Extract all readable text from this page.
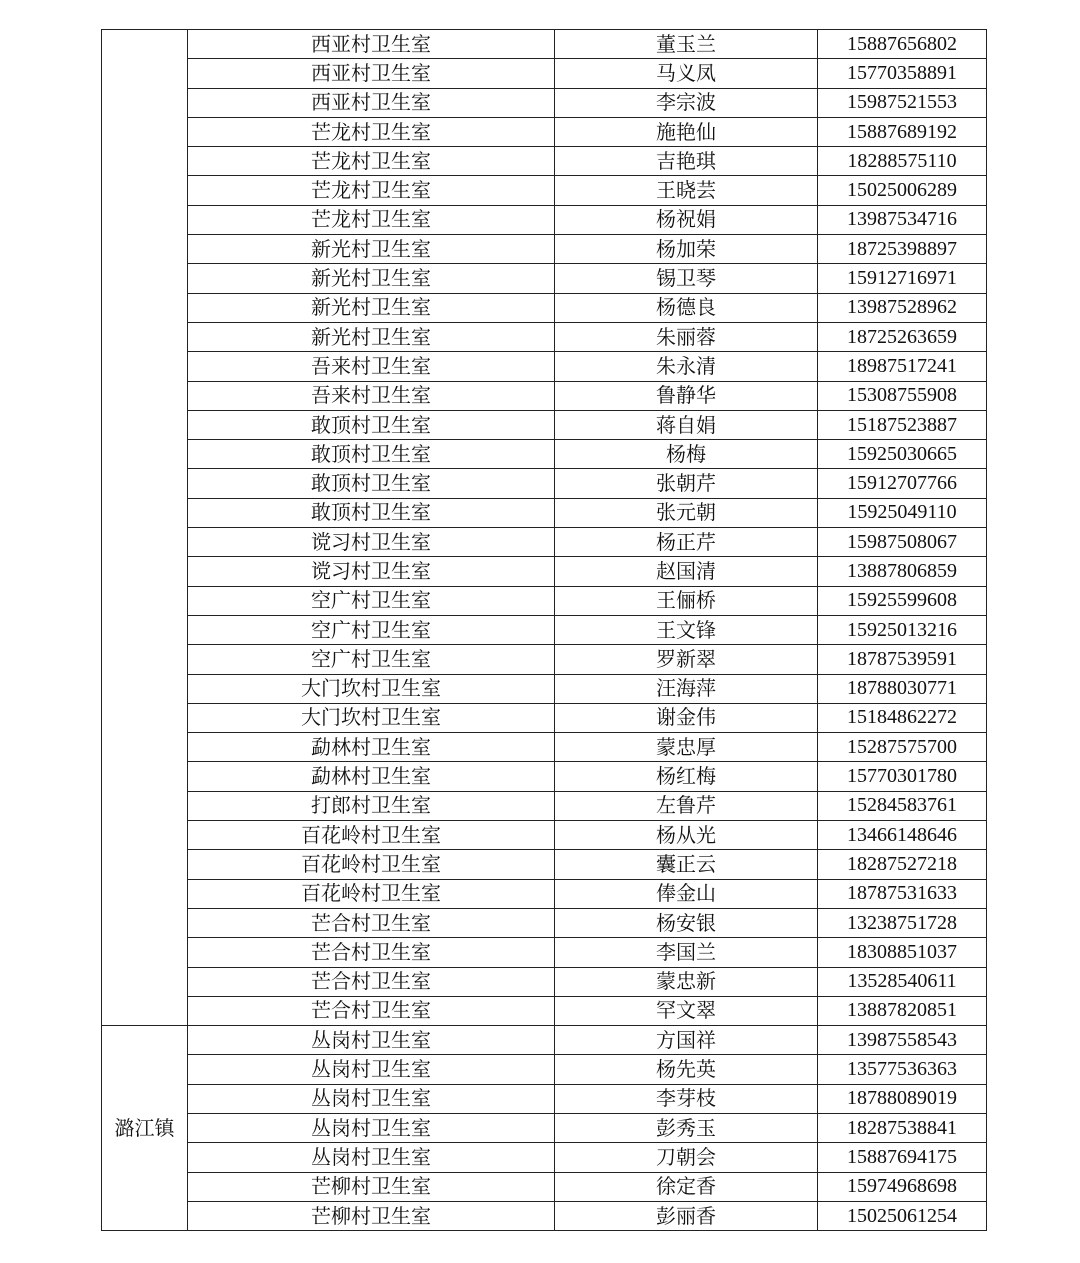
	西亚村卫生室	董玉兰	15887656802
	西亚村卫生室	马义凤	15770358891
	西亚村卫生室	李宗波	15987521553
	芒龙村卫生室	施艳仙	15887689192
	芒龙村卫生室	吉艳琪	18288575110
	芒龙村卫生室	王晓芸	15025006289
	芒龙村卫生室	杨祝娟	13987534716
	新光村卫生室	杨加荣	18725398897
	新光村卫生室	锡卫琴	15912716971
	新光村卫生室	杨德良	13987528962
	新光村卫生室	朱丽蓉	18725263659
	吾来村卫生室	朱永清	18987517241
	吾来村卫生室	鲁静华	15308755908
	敢顶村卫生室	蒋自娟	15187523887
	敢顶村卫生室	杨梅	15925030665
	敢顶村卫生室	张朝芹	15912707766
	敢顶村卫生室	张元朝	15925049110
	谠习村卫生室	杨正芹	15987508067
	谠习村卫生室	赵国清	13887806859
	空广村卫生室	王俪桥	15925599608
	空广村卫生室	王文锋	15925013216
	空广村卫生室	罗新翠	18787539591
	大门坎村卫生室	汪海萍	18788030771
	大门坎村卫生室	谢金伟	15184862272
	勐林村卫生室	蒙忠厚	15287575700
	勐林村卫生室	杨红梅	15770301780
	打郎村卫生室	左鲁芹	15284583761
	百花岭村卫生室	杨从光	13466148646
	百花岭村卫生室	囊正云	18287527218
	百花岭村卫生室	俸金山	18787531633
	芒合村卫生室	杨安银	13238751728
	芒合村卫生室	李国兰	18308851037
	芒合村卫生室	蒙忠新	13528540611
	芒合村卫生室	罕文翠	13887820851
潞江镇	丛岗村卫生室	方国祥	13987558543
	丛岗村卫生室	杨先英	13577536363
	丛岗村卫生室	李芽枝	18788089019
	丛岗村卫生室	彭秀玉	18287538841
	丛岗村卫生室	刀朝会	15887694175
	芒柳村卫生室	徐定香	15974968698
	芒柳村卫生室	彭丽香	15025061254
